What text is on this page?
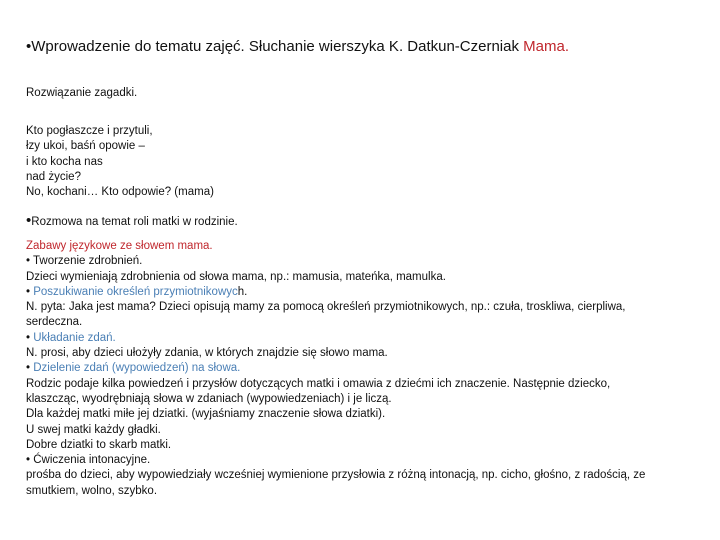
•Wprowadzenie do tematu zajęć. Słuchanie wierszyka K. Datkun-Czerniak Mama.
Rozwiązanie zagadki.
Kto pogłaszcze i przytuli,
łzy ukoi, baśń opowie –
i kto kocha nas
nad życie?
No, kochani… Kto odpowie? (mama)
•Rozmowa na temat roli matki w rodzinie.
Zabawy językowe ze słowem mama.
• Tworzenie zdrobnień.
Dzieci wymieniają zdrobnienia od słowa mama, np.: mamusia, mateńka, mamulka.
• Poszukiwanie określeń przymiotnikowych.
N. pyta: Jaka jest mama? Dzieci opisują mamy za pomocą określeń przymiotnikowych, np.: czuła, troskliwa, cierpliwa, serdeczna.
• Układanie zdań.
N. prosi, aby dzieci ułożyły zdania, w których znajdzie się słowo mama.
• Dzielenie zdań (wypowiedzeń) na słowa.
Rodzic podaje kilka powiedzeń i przysłów dotyczących matki i omawia z dziećmi ich znaczenie. Następnie dziecko, klaszcząc, wyodrębniają słowa w zdaniach (wypowiedzeniach) i je liczą.
Dla każdej matki miłe jej dziatki. (wyjaśniamy znaczenie słowa dziatki).
U swej matki każdy gładki.
Dobre dziatki to skarb matki.
• Ćwiczenia intonacyjne.
prośba do dzieci, aby wypowiedziały wcześniej wymienione przysłowia z różną intonacją, np. cicho, głośno, z radością, ze smutkiem, wolno, szybko.
